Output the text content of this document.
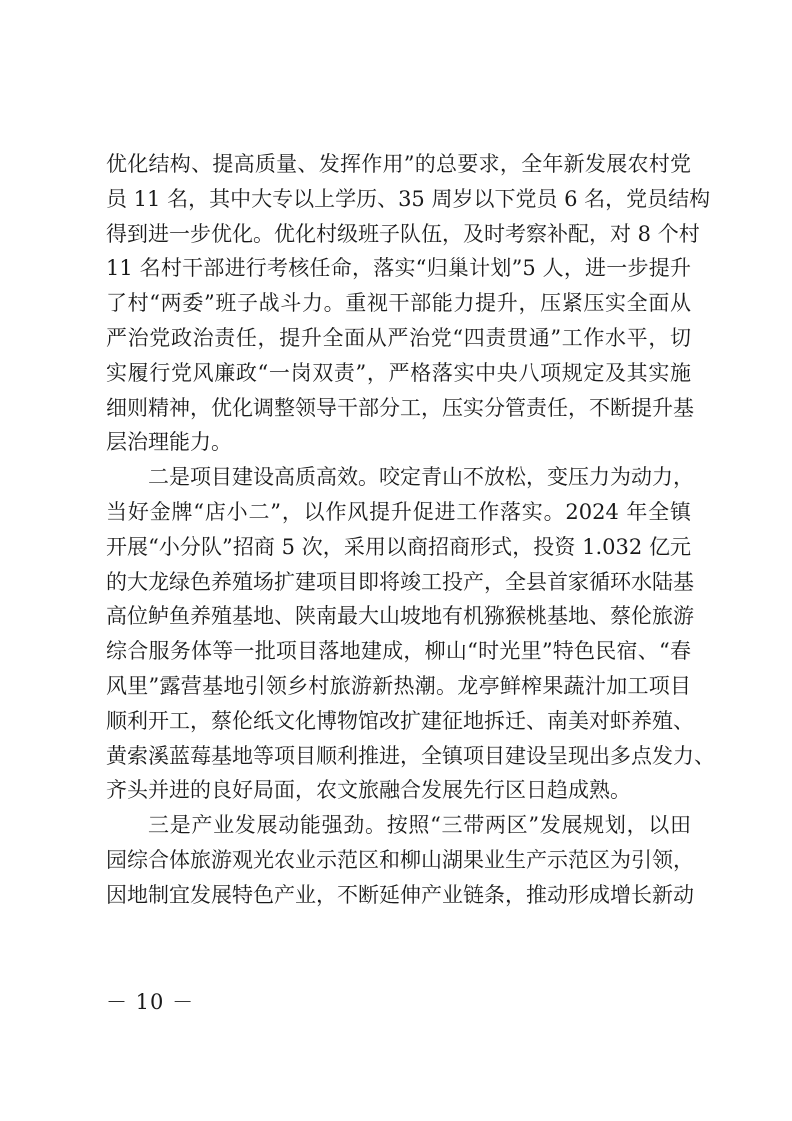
优化结构、提高质量、发挥作用”的总要求，全年新发展农村党
员 11 名，其中大专以上学历、35 周岁以下党员 6 名，党员结构
得到进一步优化。优化村级班子队伍，及时考察补配，对 8 个村
11 名村干部进行考核任命，落实“归巢计划”5 人，进一步提升
了村“两委”班子战斗力。重视干部能力提升，压紧压实全面从
严治党政治责任，提升全面从严治党“四责贯通”工作水平，切
实履行党风廉政“一岗双责”，严格落实中央八项规定及其实施
细则精神，优化调整领导干部分工，压实分管责任，不断提升基
层治理能力。
二是项目建设高质高效。咬定青山不放松，变压力为动力，
当好金牌“店小二”，以作风提升促进工作落实。2024 年全镇
开展“小分队”招商 5 次，采用以商招商形式，投资 1.032 亿元
的大龙绿色养殖场扩建项目即将竣工投产，全县首家循环水陆基
高位鲈鱼养殖基地、陕南最大山坡地有机猕猴桃基地、蔡伦旅游
综合服务体等一批项目落地建成，柳山“时光里”特色民宿、“春
风里”露营基地引领乡村旅游新热潮。龙亭鲜榨果蔬汁加工项目
顺利开工，蔡伦纸文化博物馆改扩建征地拆迁、南美对虾养殖、
黄索溪蓝莓基地等项目顺利推进，全镇项目建设呈现出多点发力、
齐头并进的良好局面，农文旅融合发展先行区日趋成熟。
三是产业发展动能强劲。按照“三带两区”发展规划，以田
园综合体旅游观光农业示范区和柳山湖果业生产示范区为引领，
因地制宜发展特色产业，不断延伸产业链条，推动形成增长新动
－ 10 －
